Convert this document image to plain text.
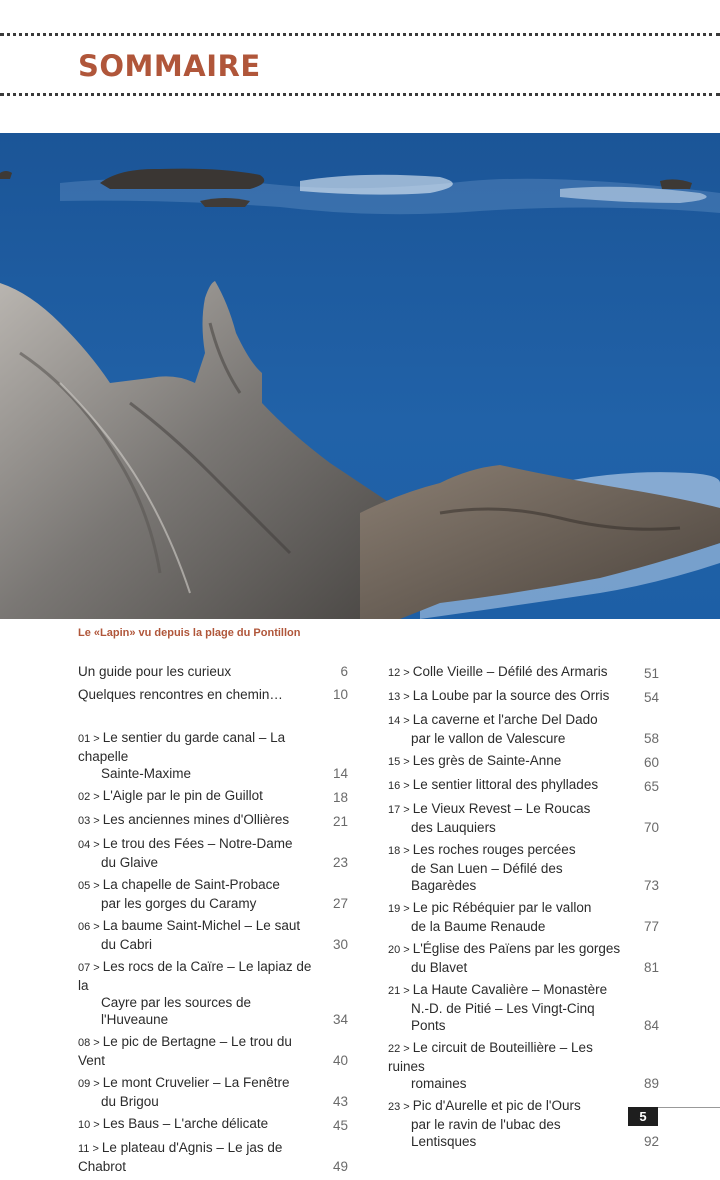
SOMMAIRE
Le «Lapin» vu depuis la plage du Pontillon
Un guide pour les curieux	6
Quelques rencontres en chemin…	10
01 > Le sentier du garde canal – La chapelle
Sainte-Maxime	14
02 > L'Aigle par le pin de Guillot	18
03 > Les anciennes mines d'Ollières	21
04 > Le trou des Fées – Notre-Dame
du Glaive	23
05 > La chapelle de Saint-Probace
par les gorges du Caramy	27
06 > La baume Saint-Michel – Le saut
du Cabri	30
07 > Les rocs de la Caïre – Le lapiaz de la
Cayre par les sources de l'Huveaune	34
08 > Le pic de Bertagne – Le trou du Vent	40
09 > Le mont Cruvelier – La Fenêtre
du Brigou	43
10 > Les Baus – L'arche délicate	45
11 > Le plateau d'Agnis – Le jas de Chabrot	49
12 > Colle Vieille – Défilé des Armaris	51
13 > La Loube par la source des Orris	54
14 > La caverne et l'arche Del Dado
par le vallon de Valescure	58
15 > Les grès de Sainte-Anne	60
16 > Le sentier littoral des phyllades	65
17 > Le Vieux Revest – Le Roucas
des Lauquiers	70
18 > Les roches rouges percées
de San Luen – Défilé des Bagarèdes	73
19 > Le pic Rébéquier par le vallon
de la Baume Renaude	77
20 > L'Église des Païens par les gorges
du Blavet	81
21 > La Haute Cavalière – Monastère
N.-D. de Pitié – Les Vingt-Cinq Ponts	84
22 > Le circuit de Bouteillière – Les ruines
romaines	89
23 > Pic d'Aurelle et pic de l'Ours
par le ravin de l'ubac des Lentisques	92
5
